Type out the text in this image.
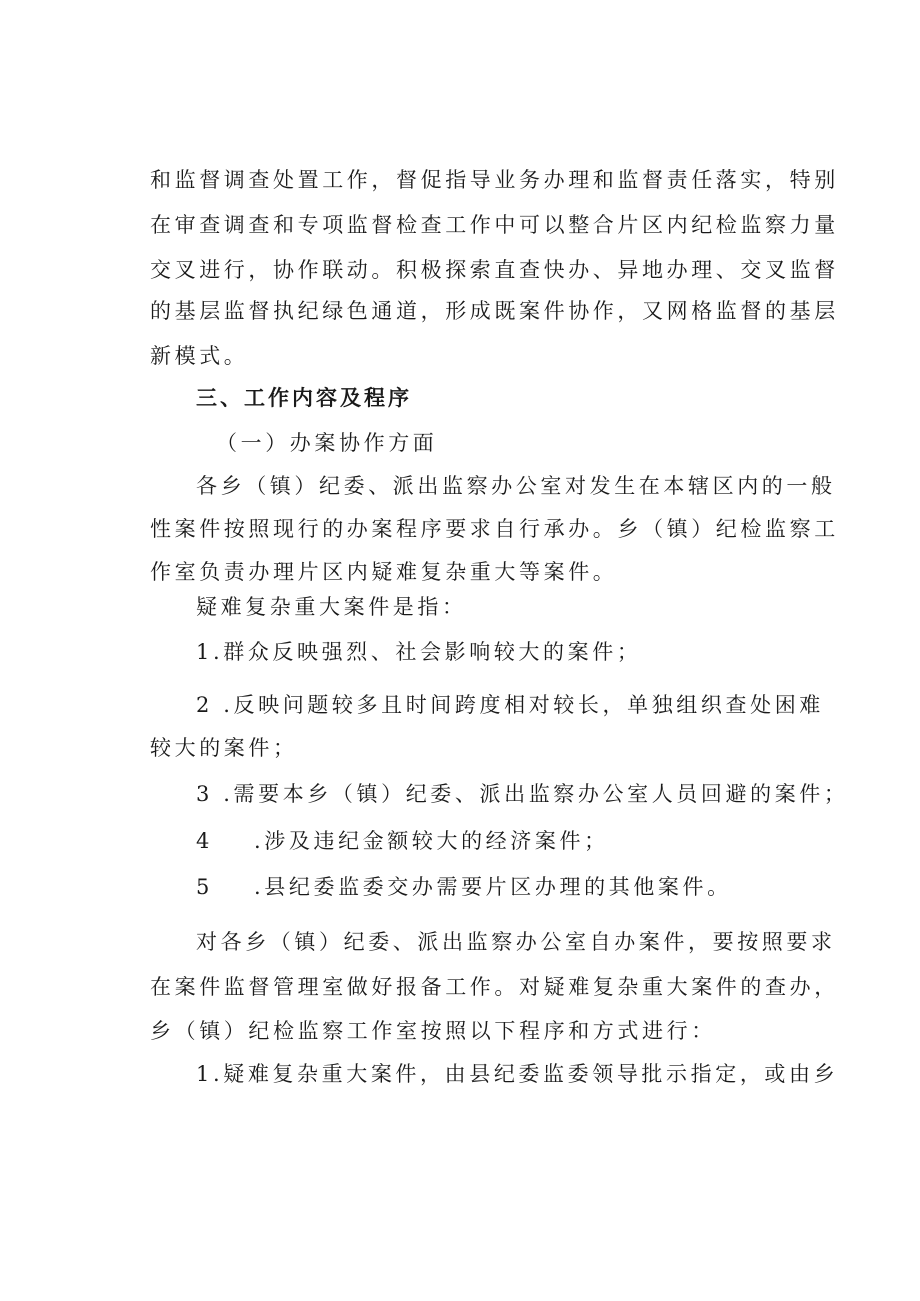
和监督调查处置工作，督促指导业务办理和监督责任落实，特别
在审查调查和专项监督检查工作中可以整合片区内纪检监察力量
交叉进行，协作联动。积极探索直查快办、异地办理、交叉监督
的基层监督执纪绿色通道，形成既案件协作，又网格监督的基层
新模式。
三、工作内容及程序
（一）办案协作方面
各乡（镇）纪委、派出监察办公室对发生在本辖区内的一般
性案件按照现行的办案程序要求自行承办。乡（镇）纪检监察工
作室负责办理片区内疑难复杂重大等案件。
疑难复杂重大案件是指：
1.群众反映强烈、社会影响较大的案件；
2 .反映问题较多且时间跨度相对较长，单独组织查处困难
较大的案件；
3 .需要本乡（镇）纪委、派出监察办公室人员回避的案件；
4 .涉及违纪金额较大的经济案件；
5 .县纪委监委交办需要片区办理的其他案件。
对各乡（镇）纪委、派出监察办公室自办案件，要按照要求
在案件监督管理室做好报备工作。对疑难复杂重大案件的查办，
乡（镇）纪检监察工作室按照以下程序和方式进行：
1.疑难复杂重大案件，由县纪委监委领导批示指定，或由乡
